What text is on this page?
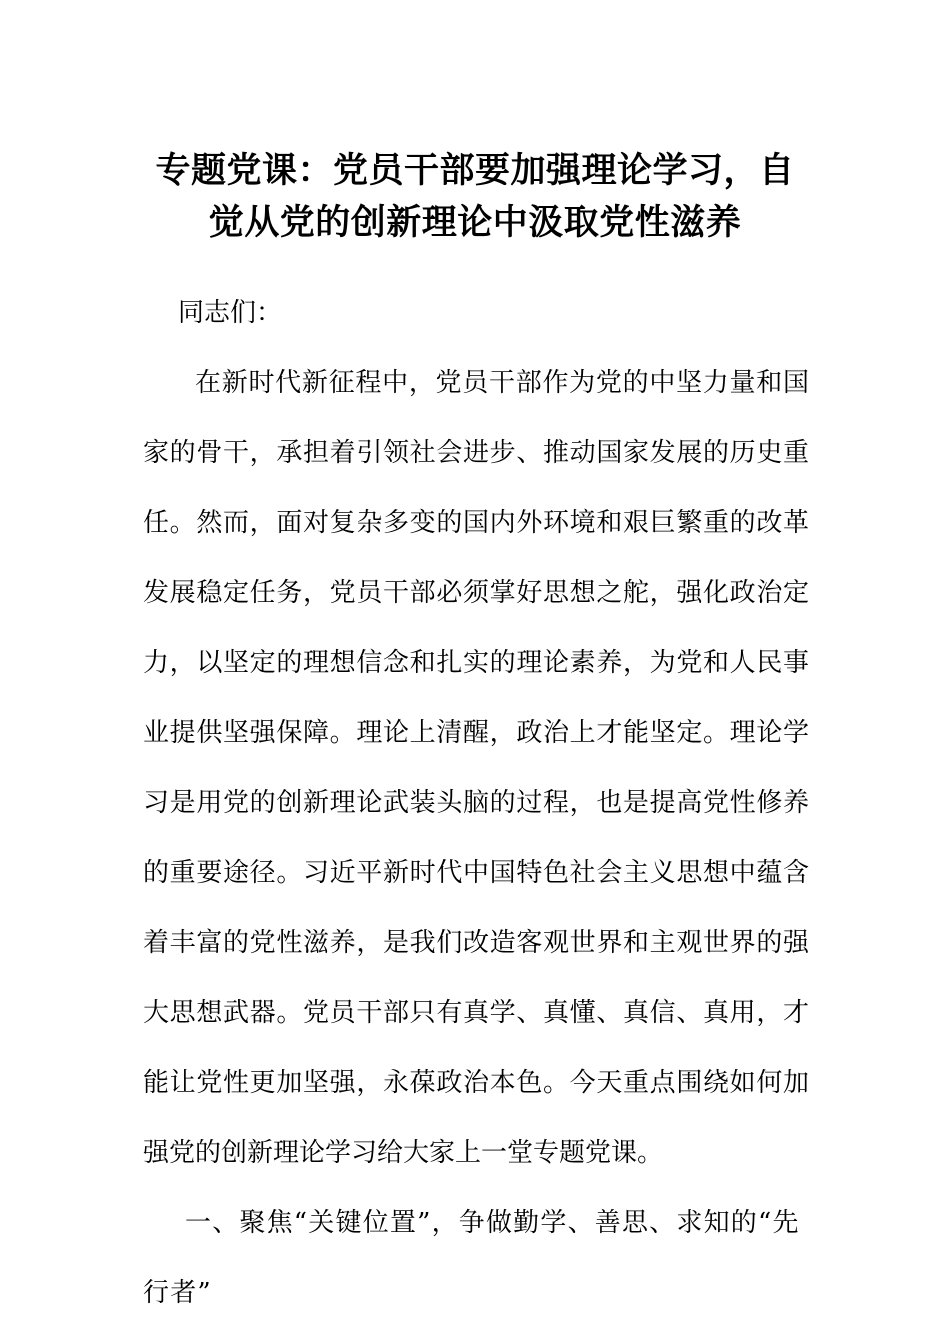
专题党课：党员干部要加强理论学习，自觉从党的创新理论中汲取党性滋养

同志们：

在新时代新征程中，党员干部作为党的中坚力量和国家的骨干，承担着引领社会进步、推动国家发展的历史重任。然而，面对复杂多变的国内外环境和艰巨繁重的改革发展稳定任务，党员干部必须掌好思想之舵，强化政治定力，以坚定的理想信念和扎实的理论素养，为党和人民事业提供坚强保障。理论上清醒，政治上才能坚定。理论学习是用党的创新理论武装头脑的过程，也是提高党性修养的重要途径。习近平新时代中国特色社会主义思想中蕴含着丰富的党性滋养，是我们改造客观世界和主观世界的强大思想武器。党员干部只有真学、真懂、真信、真用，才能让党性更加坚强，永葆政治本色。今天重点围绕如何加强党的创新理论学习给大家上一堂专题党课。

一、聚焦“关键位置”，争做勤学、善思、求知的“先行者”
